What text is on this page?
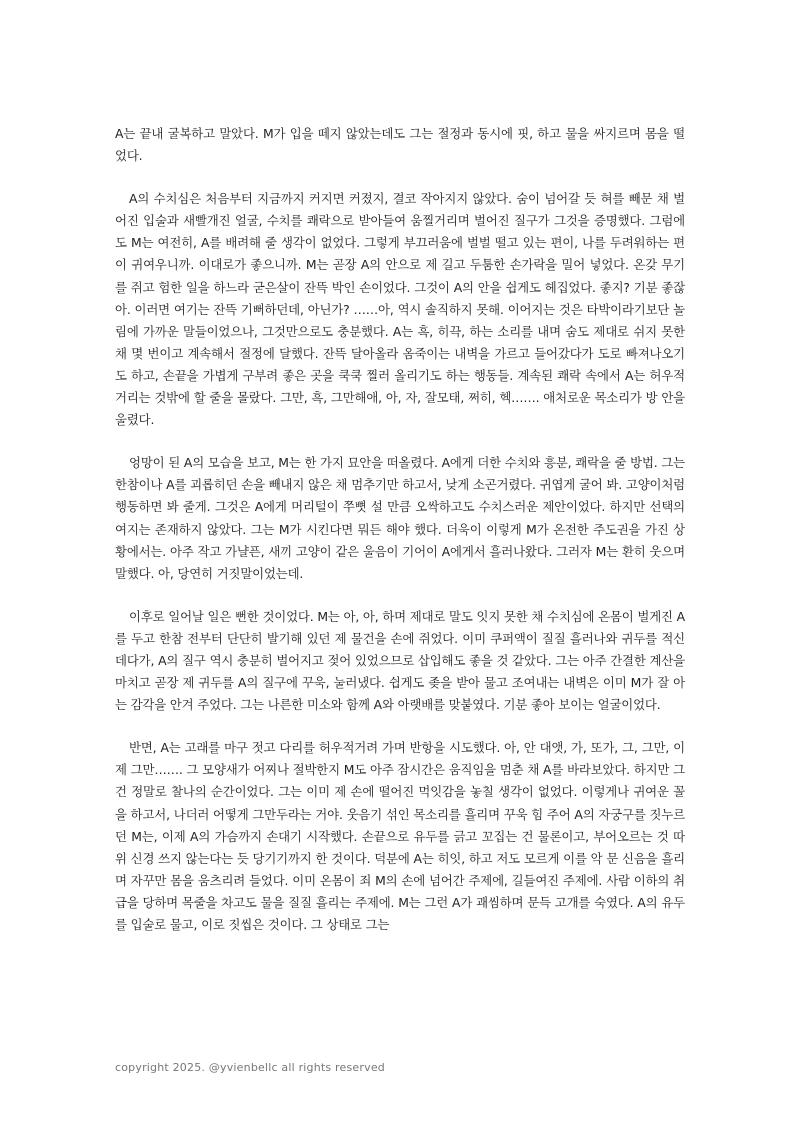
A는 끝내 굴복하고 말았다. M가 입을 떼지 않았는데도 그는 절정과 동시에 핏, 하고 물을 싸지르며 몸을 떨었다.

A의 수치심은 처음부터 지금까지 커지면 커졌지, 결코 작아지지 않았다. 숨이 넘어갈 듯 혀를 빼문 채 벌어진 입술과 새빨개진 얼굴, 수치를 쾌락으로 받아들여 움찔거리며 벌어진 질구가 그것을 증명했다. 그럼에도 M는 여전히, A를 배려해 줄 생각이 없었다. 그렇게 부끄러움에 벌벌 떨고 있는 편이, 나를 두려워하는 편이 귀여우니까. 이대로가 좋으니까. M는 곧장 A의 안으로 제 길고 두툼한 손가락을 밀어 넣었다. 온갖 무기를 쥐고 험한 일을 하느라 굳은살이 잔뜩 박인 손이었다. 그것이 A의 안을 쉽게도 헤집었다. 좋지? 기분 좋잖아. 이러면 여기는 잔뜩 기뻐하던데, 아닌가? ……아, 역시 솔직하지 못해. 이어지는 것은 타박이라기보단 놀림에 가까운 말들이었으나, 그것만으로도 충분했다. A는 흑, 히끅, 하는 소리를 내며 숨도 제대로 쉬지 못한 채 몇 번이고 계속해서 절정에 달했다. 잔뜩 달아올라 옴죽이는 내벽을 가르고 들어갔다가 도로 빠져나오기도 하고, 손끝을 가볍게 구부려 좋은 곳을 쿡쿡 찔러 올리기도 하는 행동들. 계속된 쾌락 속에서 A는 허우적거리는 것밖에 할 줄을 몰랐다. 그만, 흑, 그만해애, 아, 자, 잘모태, 쩌히, 헥……. 애처로운 목소리가 방 안을 울렸다.

엉망이 된 A의 모습을 보고, M는 한 가지 묘안을 떠올렸다. A에게 더한 수치와 흥분, 쾌락을 줄 방법. 그는 한참이나 A를 괴롭히던 손을 빼내지 않은 채 멈추기만 하고서, 낮게 소곤거렸다. 귀엽게 굴어 봐. 고양이처럼 행동하면 봐 줄게. 그것은 A에게 머리털이 쭈뼛 설 만큼 오싹하고도 수치스러운 제안이었다. 하지만 선택의 여지는 존재하지 않았다. 그는 M가 시킨다면 뭐든 해야 했다. 더욱이 이렇게 M가 온전한 주도권을 가진 상황에서는. 아주 작고 가냘픈, 새끼 고양이 같은 울음이 기어이 A에게서 흘러나왔다. 그러자 M는 환히 웃으며 말했다. 아, 당연히 거짓말이었는데.

이후로 일어날 일은 뻔한 것이었다. M는 아, 아, 하며 제대로 말도 잇지 못한 채 수치심에 온몸이 벌게진 A를 두고 한참 전부터 단단히 발기해 있던 제 물건을 손에 쥐었다. 이미 쿠퍼액이 질질 흘러나와 귀두를 적신 데다가, A의 질구 역시 충분히 벌어지고 젖어 있었으므로 삽입해도 좋을 것 같았다. 그는 아주 간결한 계산을 마치고 곧장 제 귀두를 A의 질구에 꾸욱, 눌러냈다. 쉽게도 좆을 받아 물고 조여내는 내벽은 이미 M가 잘 아는 감각을 안겨 주었다. 그는 나른한 미소와 함께 A와 아랫배를 맞붙였다. 기분 좋아 보이는 얼굴이었다.

반면, A는 고래를 마구 젓고 다리를 허우적거려 가며 반항을 시도했다. 아, 안 대앳, 가, 또가, 그, 그만, 이제 그만……. 그 모양새가 어찌나 절박한지 M도 아주 잠시간은 움직임을 멈춘 채 A를 바라보았다. 하지만 그건 정말로 찰나의 순간이었다. 그는 이미 제 손에 떨어진 먹잇감을 놓칠 생각이 없었다. 이렇게나 귀여운 꼴을 하고서, 나더러 어떻게 그만두라는 거야. 웃음기 섞인 목소리를 흘리며 꾸욱 힘 주어 A의 자궁구를 짓누르던 M는, 이제 A의 가슴까지 손대기 시작했다. 손끝으로 유두를 긁고 꼬집는 건 물론이고, 부어오르는 것 따위 신경 쓰지 않는다는 듯 당기기까지 한 것이다. 덕분에 A는 히잇, 하고 저도 모르게 이를 악 문 신음을 흘리며 자꾸만 몸을 움츠리려 들었다. 이미 온몸이 죄 M의 손에 넘어간 주제에, 길들여진 주제에. 사람 이하의 취급을 당하며 목줄을 차고도 물을 질질 흘리는 주제에. M는 그런 A가 괘씸하며 문득 고개를 숙였다. A의 유두를 입술로 물고, 이로 짓씹은 것이다. 그 상태로 그는

copyright 2025. @yvienbellc all rights reserved
